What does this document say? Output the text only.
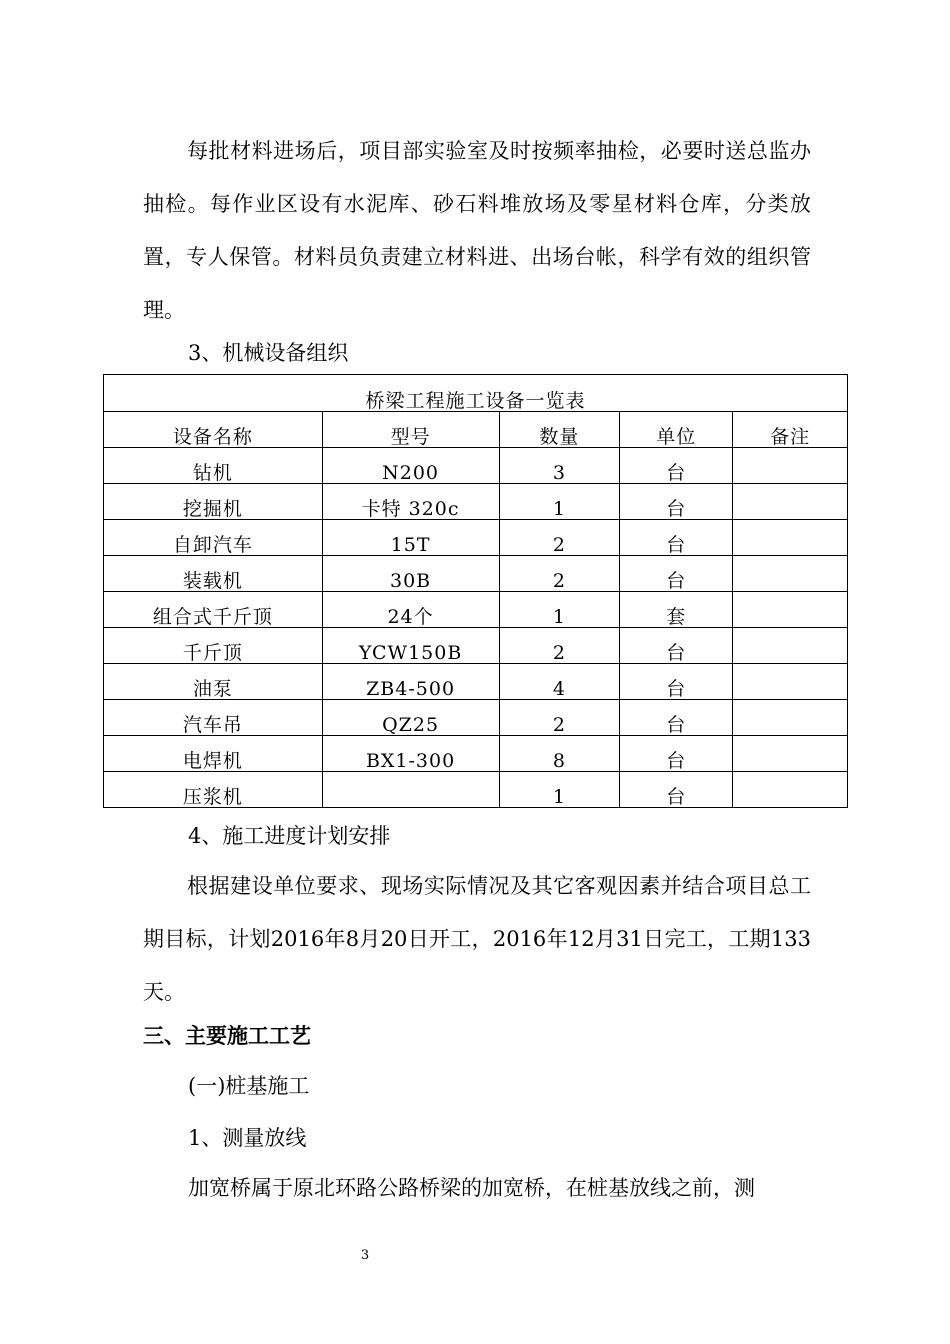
每批材料进场后，项目部实验室及时按频率抽检，必要时送总监办抽检。每作业区设有水泥库、砂石料堆放场及零星材料仓库，分类放置，专人保管。材料员负责建立材料进、出场台帐，科学有效的组织管理。

3、机械设备组织

桥梁工程施工设备一览表				
设备名称	型号	数量	单位	备注
钻机	N200	3	台	
挖掘机	卡特 320c	1	台	
自卸汽车	15T	2	台	
装载机	30B	2	台	
组合式千斤顶	24个	1	套	
千斤顶	YCW150B	2	台	
油泵	ZB4-500	4	台	
汽车吊	QZ25	2	台	
电焊机	BX1-300	8	台	
压浆机		1	台	

4、施工进度计划安排

根据建设单位要求、现场实际情况及其它客观因素并结合项目总工期目标，计划2016年8月20日开工，2016年12月31日完工，工期133天。

三、主要施工工艺

(一)桩基施工

1、测量放线

加宽桥属于原北环路公路桥梁的加宽桥，在桩基放线之前，测

3
